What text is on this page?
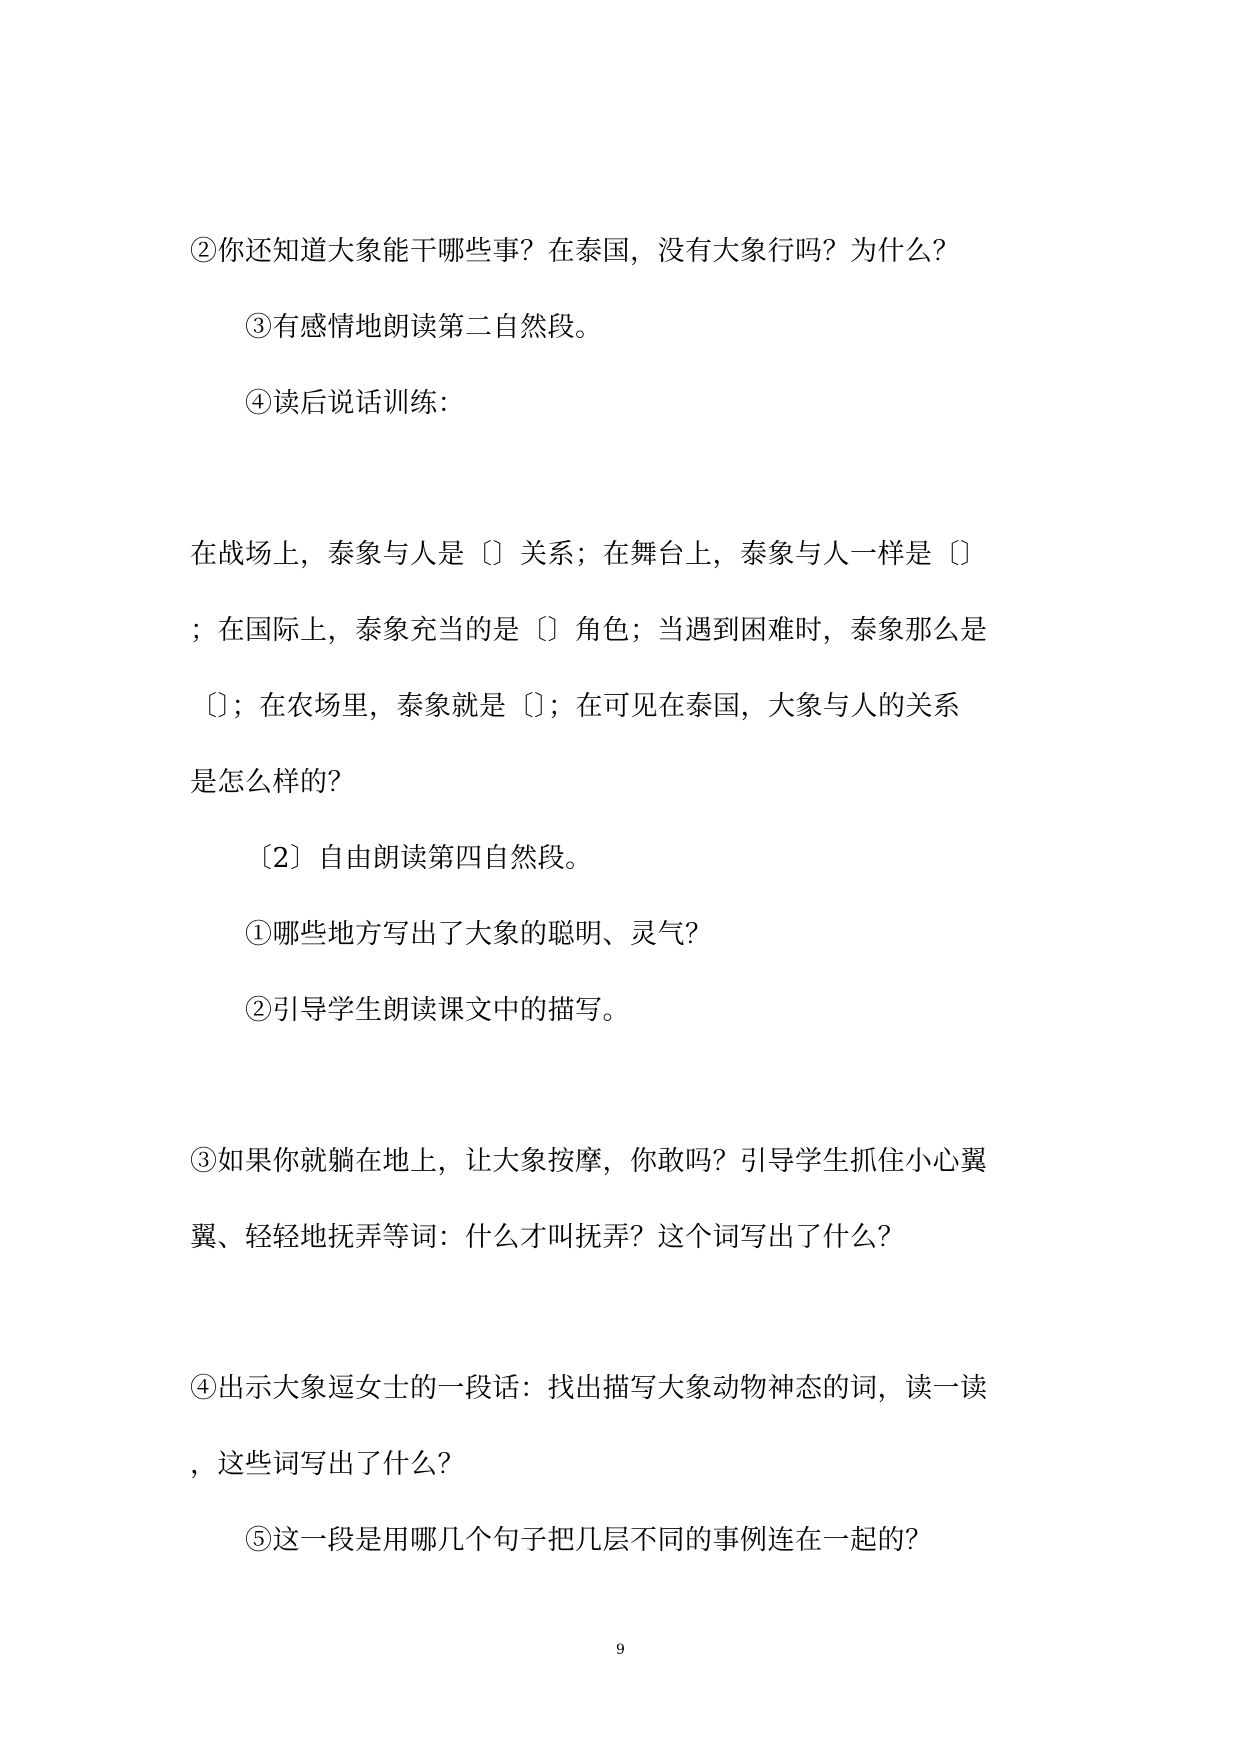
②你还知道大象能干哪些事？在泰国，没有大象行吗？为什么？
③有感情地朗读第二自然段。
④读后说话训练：
在战场上，泰象与人是〔〕关系；在舞台上，泰象与人一样是〔〕
；在国际上，泰象充当的是〔〕角色；当遇到困难时，泰象那么是
〔〕；在农场里，泰象就是〔〕；在可见在泰国，大象与人的关系
是怎么样的？
〔2〕自由朗读第四自然段。
①哪些地方写出了大象的聪明、灵气？
②引导学生朗读课文中的描写。
③如果你就躺在地上，让大象按摩，你敢吗？引导学生抓住小心翼
翼、轻轻地抚弄等词：什么才叫抚弄？这个词写出了什么？
④出示大象逗女士的一段话：找出描写大象动物神态的词，读一读
，这些词写出了什么？
⑤这一段是用哪几个句子把几层不同的事例连在一起的？
9
